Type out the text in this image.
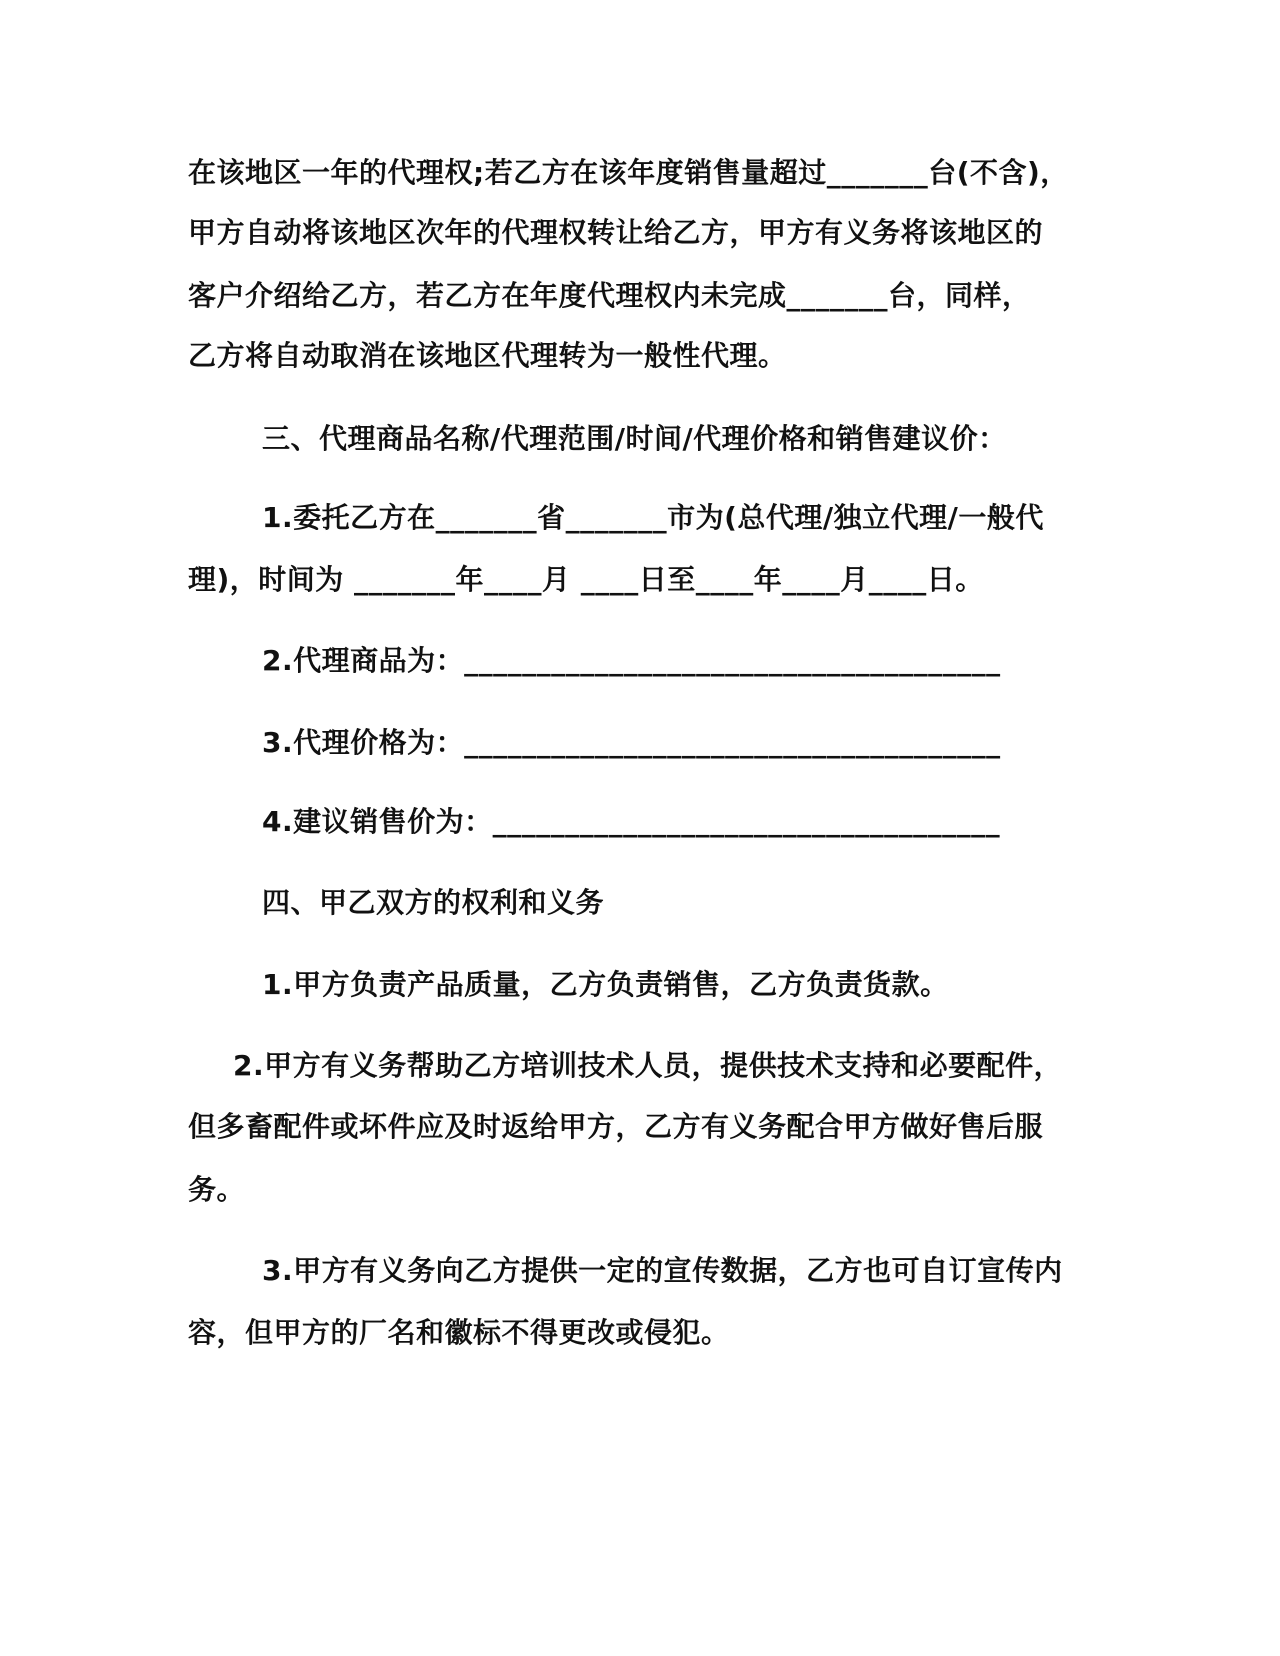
在该地区一年的代理权;若乙方在该年度销售量超过_______台(不含)，

甲方自动将该地区次年的代理权转让给乙方，甲方有义务将该地区的

客户介绍给乙方，若乙方在年度代理权内未完成_______台，同样，

乙方将自动取消在该地区代理转为一般性代理。

三、代理商品名称/代理范围/时间/代理价格和销售建议价：

1.委托乙方在_______省_______市为(总代理/独立代理/一般代

理)，时间为 _______年____月 ____日至____年____月____日。

2.代理商品为：_____________________________________

3.代理价格为：_____________________________________

4.建议销售价为：___________________________________

四、甲乙双方的权利和义务

1.甲方负责产品质量，乙方负责销售，乙方负责货款。

2.甲方有义务帮助乙方培训技术人员，提供技术支持和必要配件，

但多畜配件或坏件应及时返给甲方，乙方有义务配合甲方做好售后服

务。

3.甲方有义务向乙方提供一定的宣传数据，乙方也可自订宣传内

容，但甲方的厂名和徽标不得更改或侵犯。
